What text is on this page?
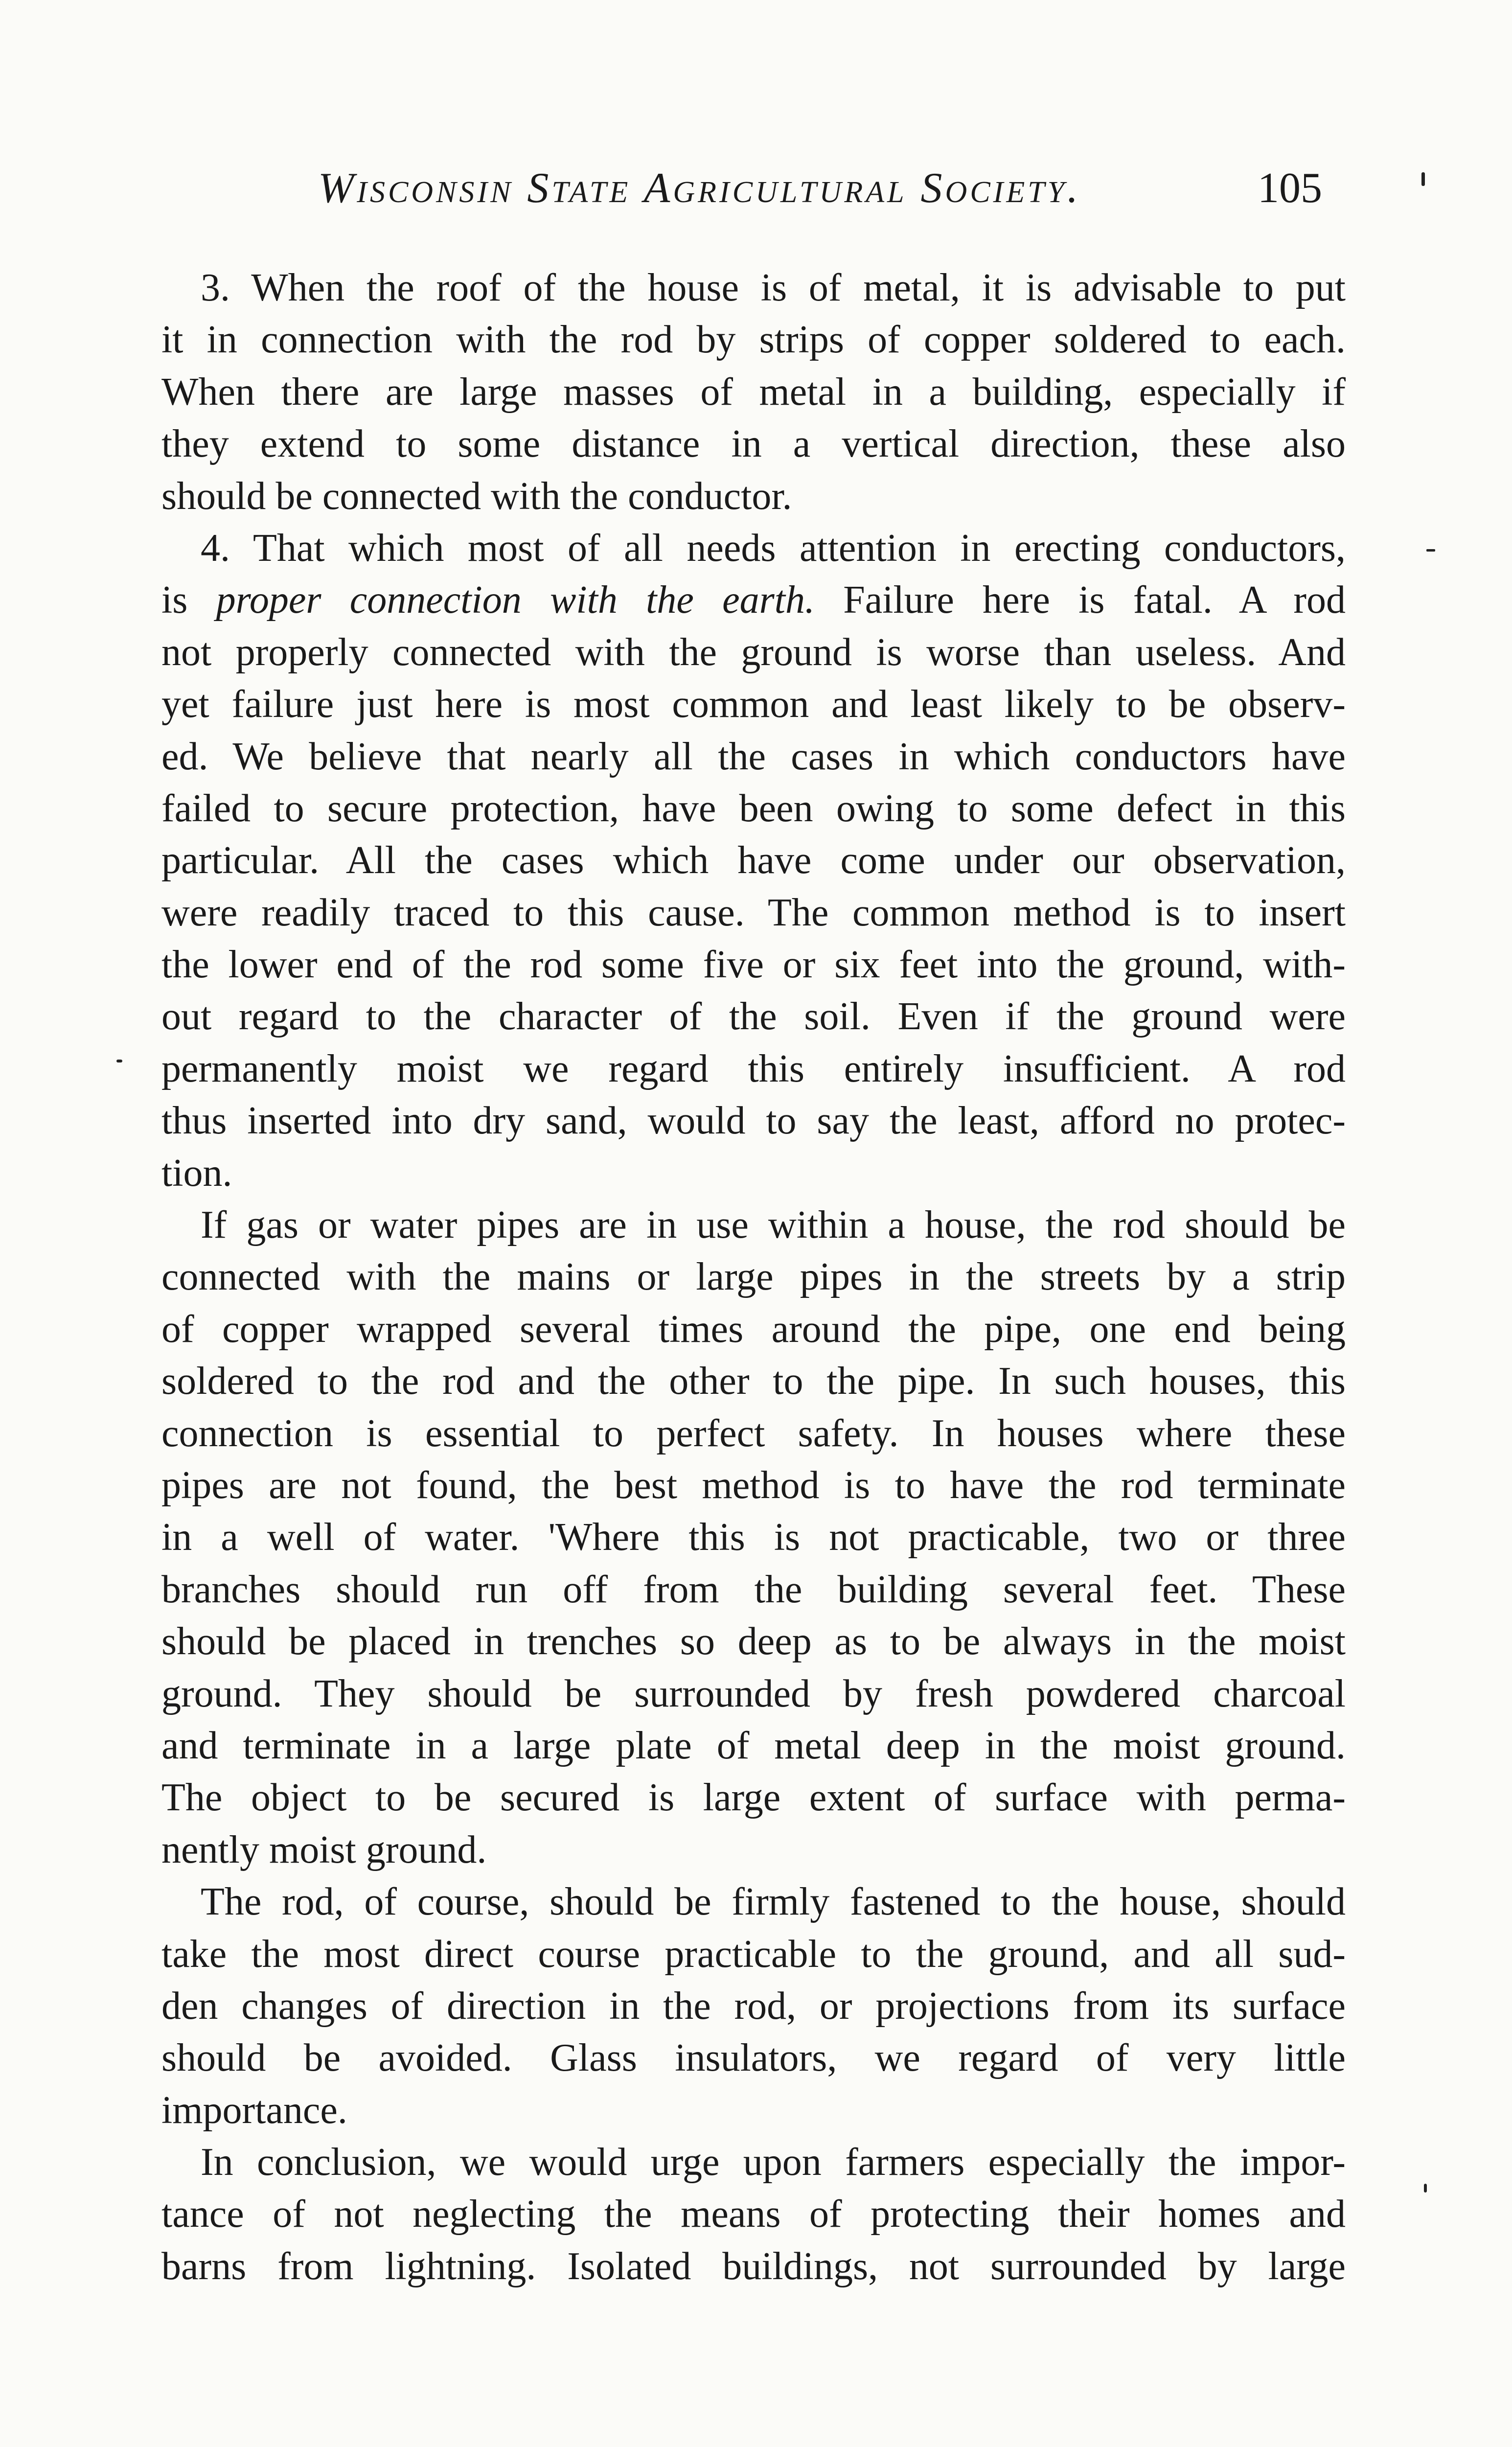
Wisconsin State Agricultural Society.	105
3. When the roof of the house is of metal, it is advisable to put
it in connection with the rod by strips of copper soldered to each.
When there are large masses of metal in a building, especially if
they extend to some distance in a vertical direction, these also
should be connected with the conductor.
4. That which most of all needs attention in erecting conductors,
is proper connection with the earth. Failure here is fatal. A rod
not properly connected with the ground is worse than useless. And
yet failure just here is most common and least likely to be observ-
ed. We believe that nearly all the cases in which conductors have
failed to secure protection, have been owing to some defect in this
particular. All the cases which have come under our observation,
were readily traced to this cause. The common method is to insert
the lower end of the rod some five or six feet into the ground, with-
out regard to the character of the soil. Even if the ground were
permanently moist we regard this entirely insufficient. A rod
thus inserted into dry sand, would to say the least, afford no protec-
tion.
If gas or water pipes are in use within a house, the rod should be
connected with the mains or large pipes in the streets by a strip
of copper wrapped several times around the pipe, one end being
soldered to the rod and the other to the pipe. In such houses, this
connection is essential to perfect safety. In houses where these
pipes are not found, the best method is to have the rod terminate
in a well of water. 'Where this is not practicable, two or three
branches should run off from the building several feet. These
should be placed in trenches so deep as to be always in the moist
ground. They should be surrounded by fresh powdered charcoal
and terminate in a large plate of metal deep in the moist ground.
The object to be secured is large extent of surface with perma-
nently moist ground.
The rod, of course, should be firmly fastened to the house, should
take the most direct course practicable to the ground, and all sud-
den changes of direction in the rod, or projections from its surface
should be avoided. Glass insulators, we regard of very little
importance.
In conclusion, we would urge upon farmers especially the impor-
tance of not neglecting the means of protecting their homes and
barns from lightning. Isolated buildings, not surrounded by large
